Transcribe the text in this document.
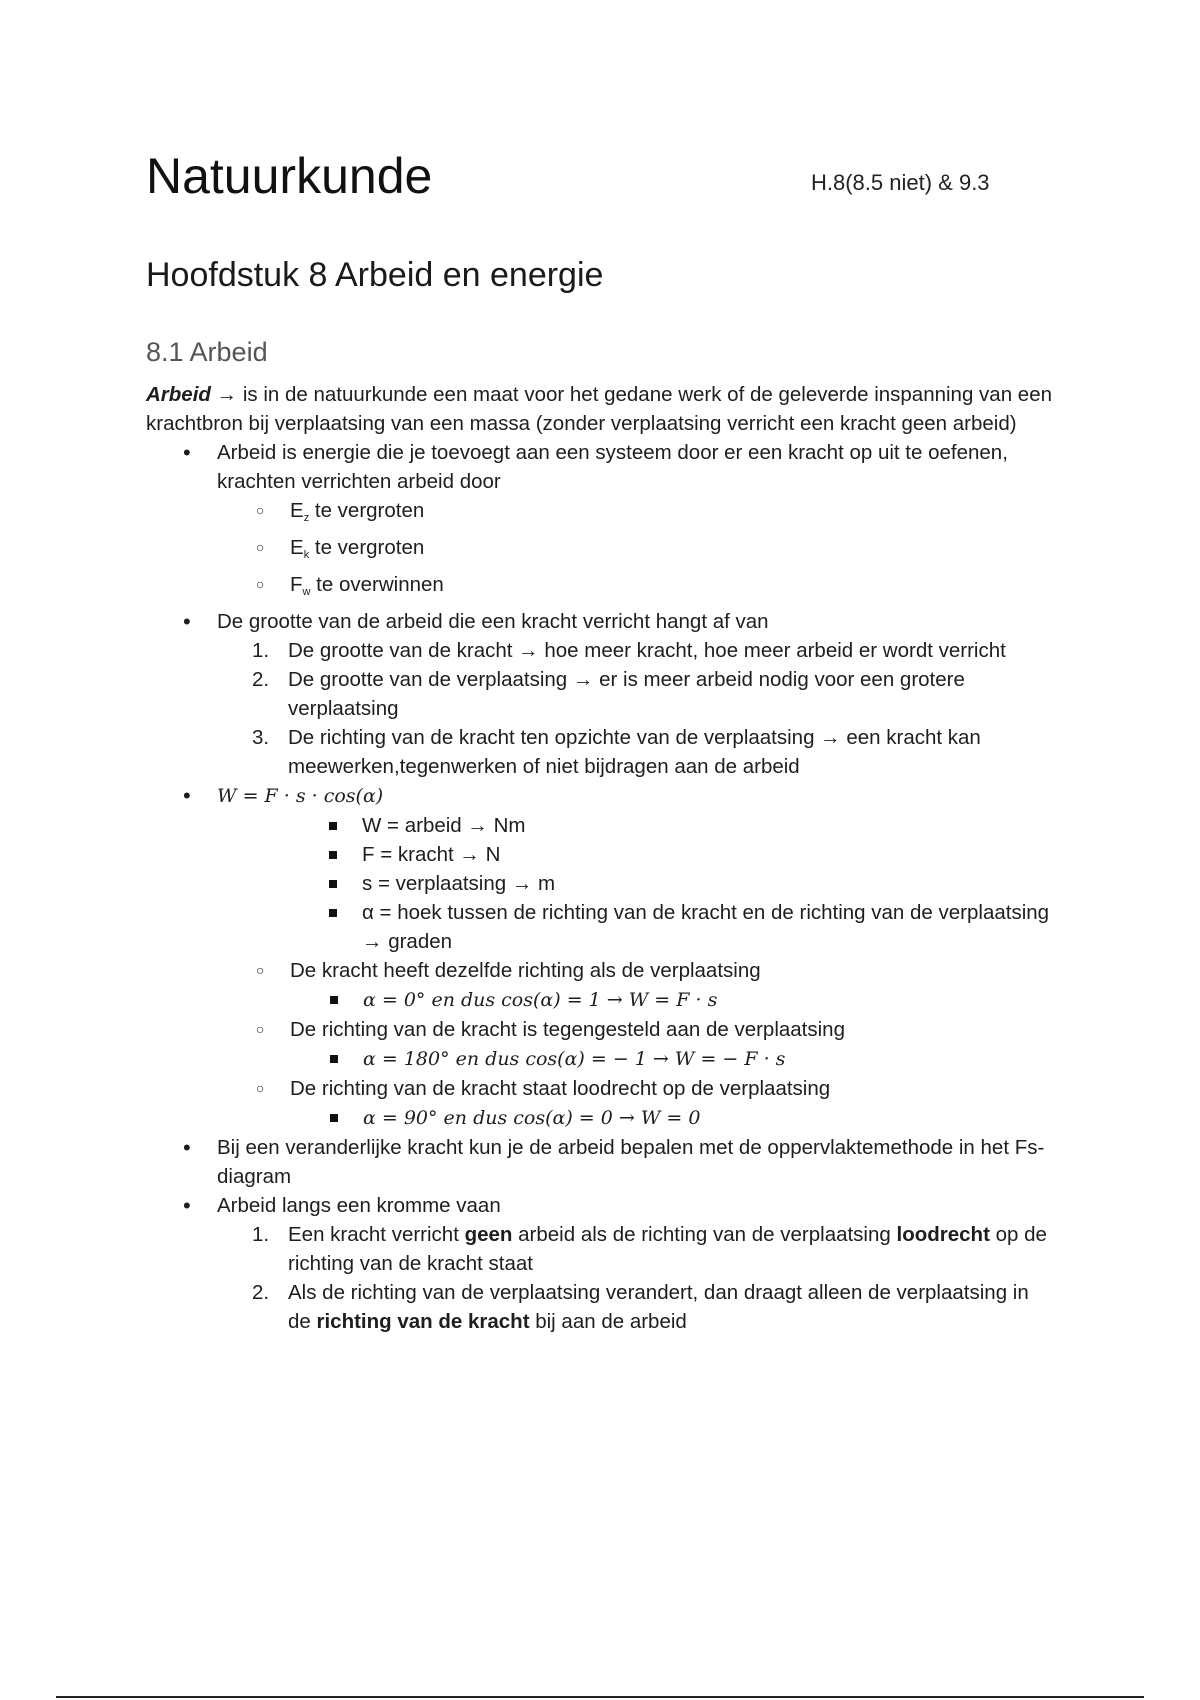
Natuurkunde	H.8(8.5 niet) & 9.3
Hoofdstuk 8 Arbeid en energie
8.1 Arbeid

Arbeid → is in de natuurkunde een maat voor het gedane werk of de geleverde inspanning van een krachtbron bij verplaatsing van een massa (zonder verplaatsing verricht een kracht geen arbeid)

• Arbeid is energie die je toevoegt aan een systeem door er een kracht op uit te oefenen, krachten verrichten arbeid door
○ $E_z$ te vergroten
○ $E_k$ te vergroten
○ $F_w$ te overwinnen
• De grootte van de arbeid die een kracht verricht hangt af van
1. De grootte van de kracht → hoe meer kracht, hoe meer arbeid er wordt verricht
2. De grootte van de verplaatsing → er is meer arbeid nodig voor een grotere verplaatsing
3. De richting van de kracht ten opzichte van de verplaatsing → een kracht kan meewerken,tegenwerken of niet bijdragen aan de arbeid
• W = F · s · cos(α)
W = arbeid → Nm
F = kracht → N
s = verplaatsing → m
α = hoek tussen de richting van de kracht en de richting van de verplaatsing → graden
○ De kracht heeft dezelfde richting als de verplaatsing
α = 0° en dus cos(α) = 1 → W = F · s
○ De richting van de kracht is tegengesteld aan de verplaatsing
α = 180° en dus cos(α) = − 1 → W = − F · s
○ De richting van de kracht staat loodrecht op de verplaatsing
α = 90° en dus cos(α) = 0 → W = 0
• Bij een veranderlijke kracht kun je de arbeid bepalen met de oppervlaktemethode in het Fs-diagram
• Arbeid langs een kromme vaan
1. Een kracht verricht geen arbeid als de richting van de verplaatsing loodrecht op de richting van de kracht staat
2. Als de richting van de verplaatsing verandert, dan draagt alleen de verplaatsing in de richting van de kracht bij aan de arbeid
